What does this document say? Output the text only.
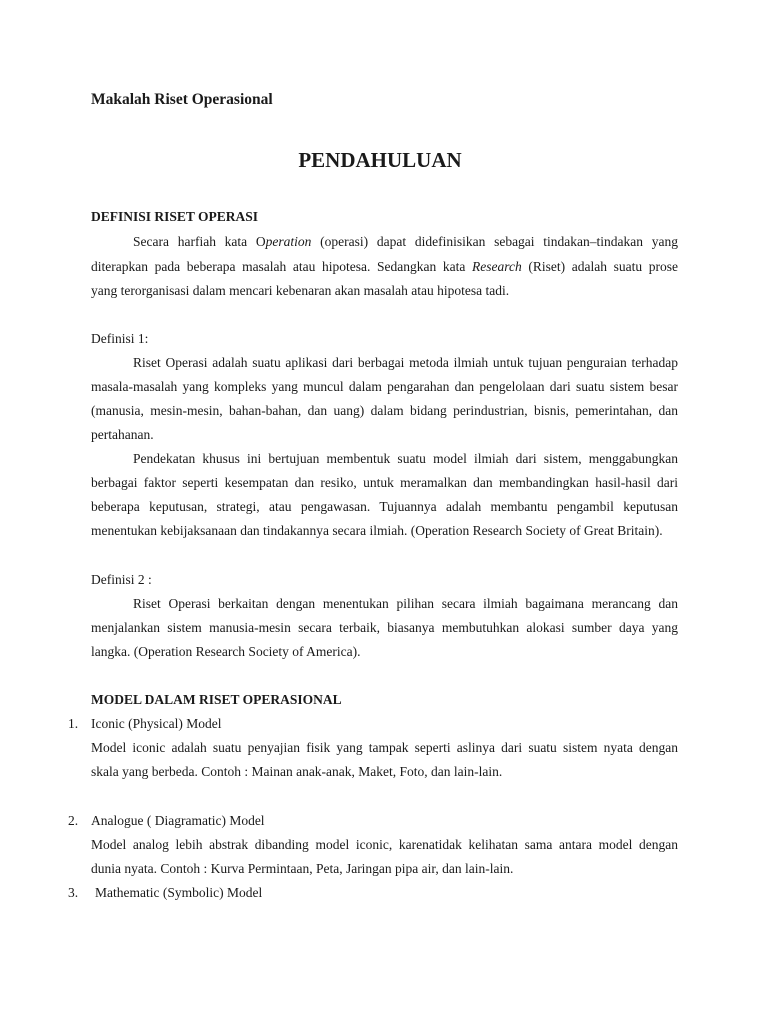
Makalah Riset Operasional
PENDAHULUAN
DEFINISI RISET OPERASI
Secara harfiah kata Operation (operasi) dapat didefinisikan sebagai tindakan–tindakan yang
diterapkan pada beberapa masalah atau hipotesa. Sedangkan kata Research (Riset) adalah suatu prose
yang terorganisasi dalam mencari kebenaran akan masalah atau hipotesa tadi.
Definisi 1:
Riset Operasi adalah suatu aplikasi dari berbagai metoda ilmiah untuk tujuan penguraian terhadap
masala-masalah yang kompleks yang muncul dalam pengarahan dan pengelolaan dari suatu sistem besar
(manusia, mesin-mesin, bahan-bahan, dan uang) dalam bidang perindustrian, bisnis, pemerintahan, dan
pertahanan.
Pendekatan khusus ini bertujuan membentuk suatu model ilmiah dari sistem, menggabungkan
berbagai faktor seperti kesempatan dan resiko, untuk meramalkan dan membandingkan hasil-hasil dari
beberapa keputusan, strategi, atau pengawasan. Tujuannya adalah membantu pengambil keputusan
menentukan kebijaksanaan dan tindakannya secara ilmiah. (Operation Research Society of Great Britain).
Definisi 2 :
Riset Operasi berkaitan dengan menentukan pilihan secara ilmiah bagaimana merancang dan
menjalankan sistem manusia-mesin secara terbaik, biasanya membutuhkan alokasi sumber daya yang
langka. (Operation Research Society of America).
MODEL DALAM RISET OPERASIONAL
1. Iconic (Physical) Model
Model iconic adalah suatu penyajian fisik yang tampak seperti aslinya dari suatu sistem nyata dengan
skala yang berbeda. Contoh : Mainan anak-anak, Maket, Foto, dan lain-lain.
2. Analogue ( Diagramatic) Model
Model analog lebih abstrak dibanding model iconic, karenatidak kelihatan sama antara model dengan
dunia nyata. Contoh : Kurva Permintaan, Peta, Jaringan pipa air, dan lain-lain.
3. Mathematic (Symbolic) Model
